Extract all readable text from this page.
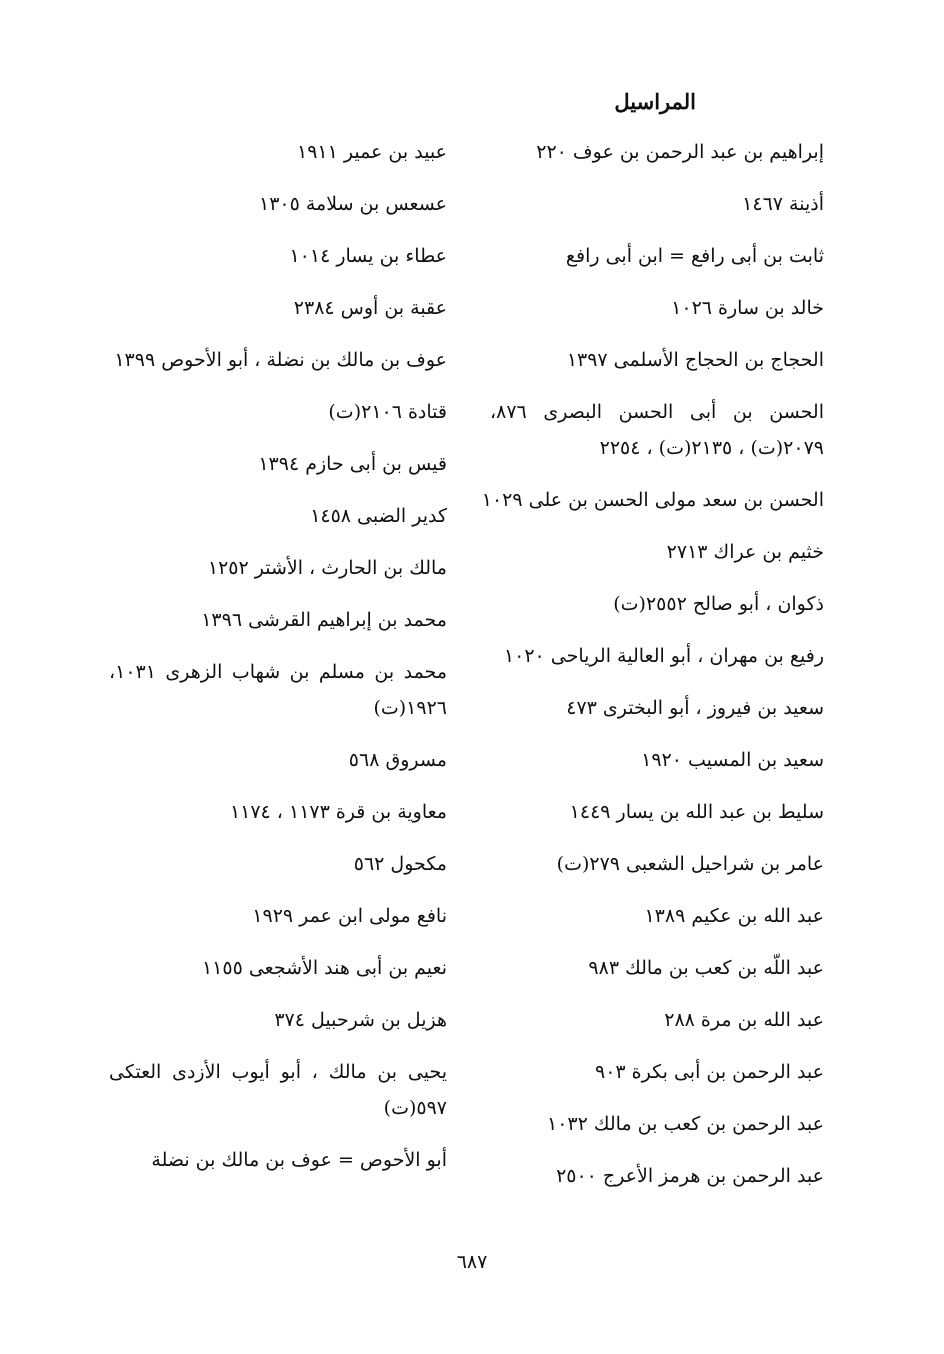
المراسيل
إبراهيم بن عبد الرحمن بن عوف ٢٢٠
أذينة ١٤٦٧
ثابت بن أبى رافع = ابن أبى رافع
خالد بن سارة ١٠٢٦
الحجاج بن الحجاج الأسلمى ١٣٩٧
الحسن بن أبى الحسن البصرى ٨٧٦، ٢٠٧٩(ت) ، ٢١٣٥(ت) ، ٢٢٥٤
الحسن بن سعد مولى الحسن بن على ١٠٢٩
خثيم بن عراك ٢٧١٣
ذكوان ، أبو صالح ٢٥٥٢(ت)
رفيع بن مهران ، أبو العالية الرياحى ١٠٢٠
سعيد بن فيروز ، أبو البخترى ٤٧٣
سعيد بن المسيب ١٩٢٠
سليط بن عبد الله بن يسار ١٤٤٩
عامر بن شراحيل الشعبى ٢٧٩(ت)
عبد الله بن عكيم ١٣٨٩
عبد اللّه بن كعب بن مالك ٩٨٣
عبد الله بن مرة ٢٨٨
عبد الرحمن بن أبى بكرة ٩٠٣
عبد الرحمن بن كعب بن مالك ١٠٣٢
عبد الرحمن بن هرمز الأعرج ٢٥٠٠
عبيد بن عمير ١٩١١
عسعس بن سلامة ١٣٠٥
عطاء بن يسار ١٠١٤
عقبة بن أوس ٢٣٨٤
عوف بن مالك بن نضلة ، أبو الأحوص ١٣٩٩
قتادة ٢١٠٦(ت)
قيس بن أبى حازم ١٣٩٤
كدير الضبى ١٤٥٨
مالك بن الحارث ، الأشتر ١٢٥٢
محمد بن إبراهيم القرشى ١٣٩٦
محمد بن مسلم بن شهاب الزهرى ١٠٣١، ١٩٢٦(ت)
مسروق ٥٦٨
معاوية بن قرة ١١٧٣ ، ١١٧٤
مكحول ٥٦٢
نافع مولى ابن عمر ١٩٢٩
نعيم بن أبى هند الأشجعى ١١٥٥
هزيل بن شرحبيل ٣٧٤
يحيى بن مالك ، أبو أيوب الأزدى العتكى ٥٩٧(ت)
أبو الأحوص = عوف بن مالك بن نضلة
٦٨٧
